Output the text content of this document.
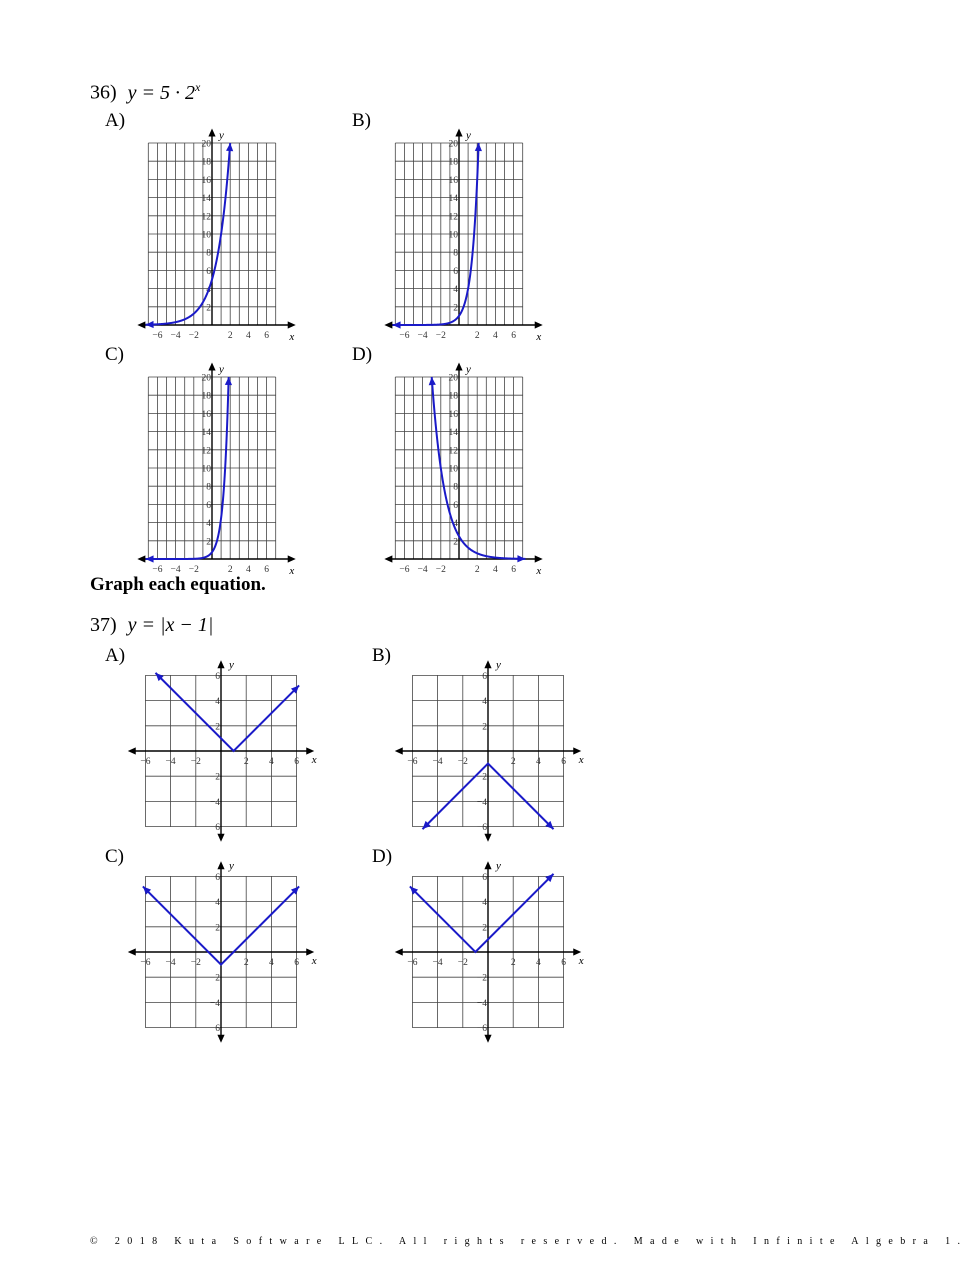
36) $y = 5 \cdot 2^x$
A)	B)
C)	D)
x
y
−6 −4 −2	2 4 6
2
4
6
8
10
12
14
16
18
20
x
y
−6 −4 −2	2 4 6
2
4
6
8
10
12
14
16
18
20
x
y
−6 −4 −2	2 4 6
2
4
6
8
10
12
14
16
18
20
x
y
−6 −4 −2	2 4 6
2
4
6
8
10
12
14
16
18
20
Graph each equation.
37) y = |x − 1|
A)	B)
C)	D)
x
y
−6 −4 −2	2 4 6
−6
−4
−2
2
4
6
x
y
−6 −4 −2	2 4 6
−6
−4
−2
2
4
6
x
y
−6 −4 −2	2 4 6
−6
−4
−2
2
4
6
x
y
−6 −4 −2	2 4 6
−6
−4
−2
2
4
6
© 2018 Kuta Software LLC. All rights reserved. Made with Infinite Algebra 1.
